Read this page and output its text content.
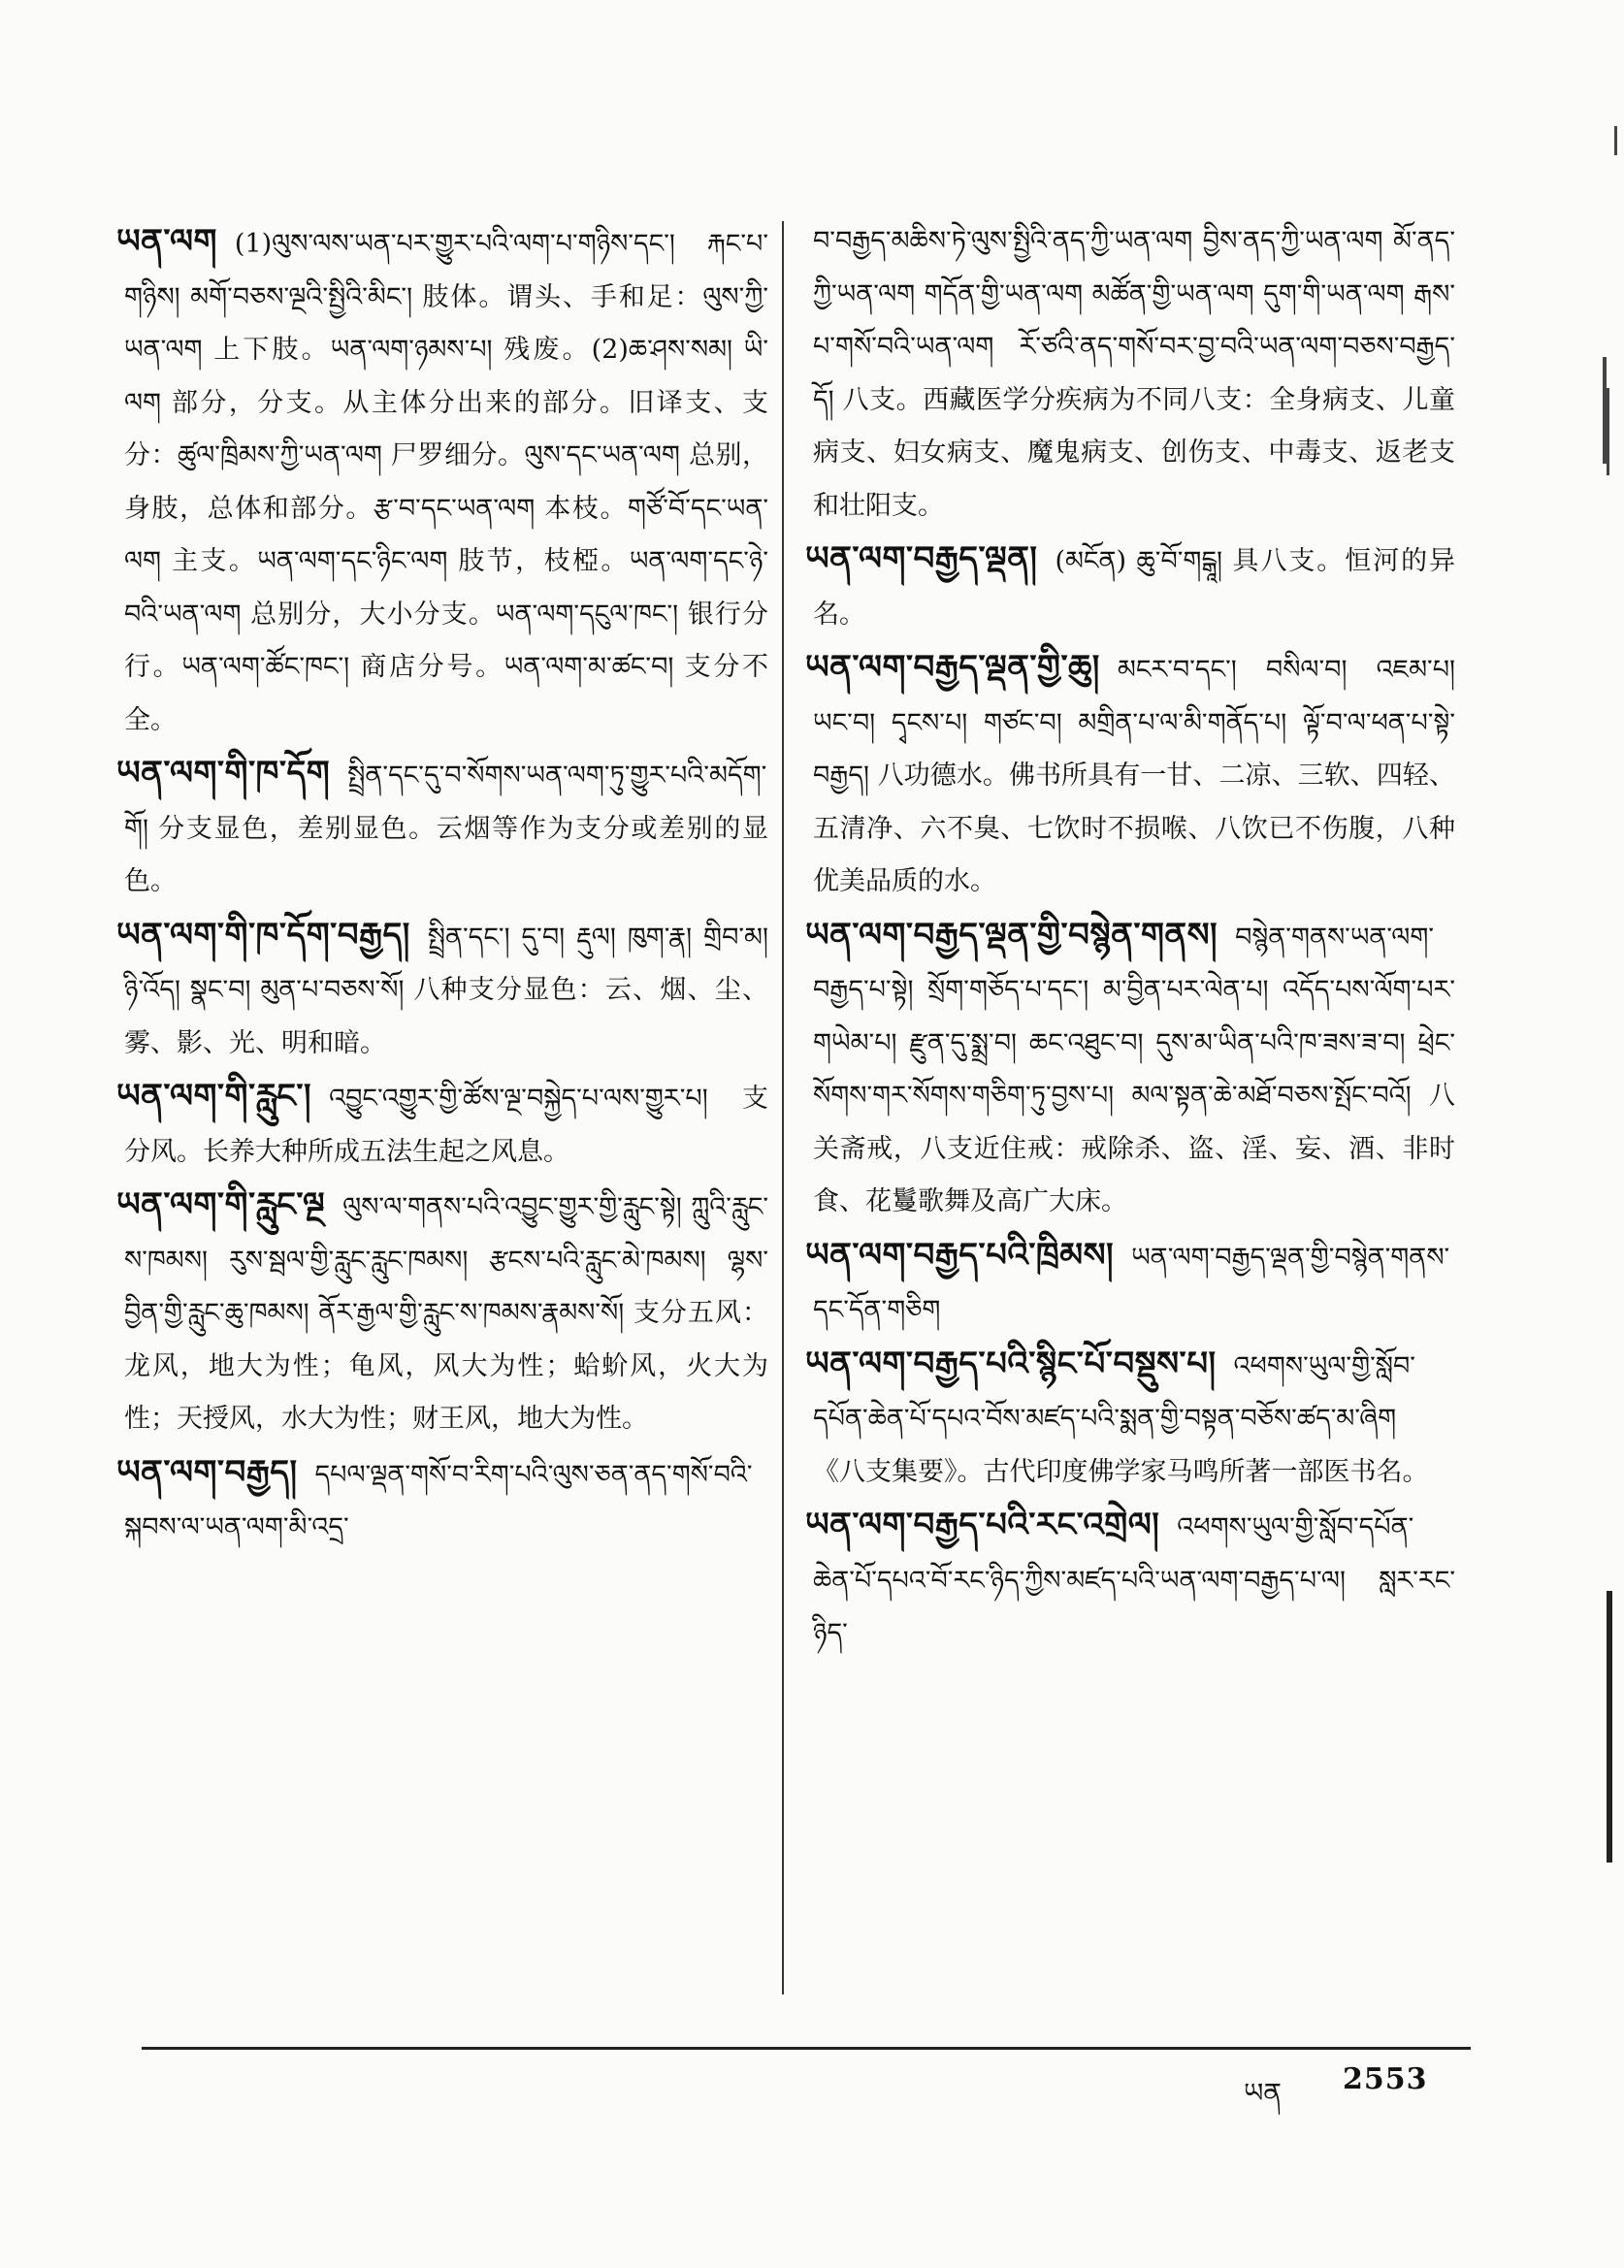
ཡན་ལག (1)ལུས་ལས་ཡན་པར་གྱུར་པའི་ལག་པ་གཉིས་དང་། རྐང་པ་གཉིས། མགོ་བཅས་ལྔའི་སྤྱིའི་མིང་། 肢体。谓头、手和足：ལུས་ཀྱི་ཡན་ལག 上下肢。ཡན་ལག་ཉམས་པ། 残废。(2)ཆ་ཤས་སམ། ཡི་ལག 部分，分支。从主体分出来的部分。旧译支、支分：ཚུལ་ཁྲིམས་ཀྱི་ཡན་ལག 尸罗细分。ལུས་དང་ཡན་ལག 总别，身肢，总体和部分。རྩ་བ་དང་ཡན་ལག 本枝。གཙོ་བོ་དང་ཡན་ལག 主支。ཡན་ལག་དང་ཉིང་ལག 肢节，枝椏。ཡན་ལག་དང་ཉེ་བའི་ཡན་ལག 总别分，大小分支。ཡན་ལག་དངུལ་ཁང་། 银行分行。ཡན་ལག་ཚོང་ཁང་། 商店分号。ཡན་ལག་མ་ཚང་བ། 支分不全。

ཡན་ལག་གི་ཁ་དོག སྤྲིན་དང་དུ་བ་སོགས་ཡན་ལག་ཏུ་གྱུར་པའི་མདོག་གོ། 分支显色，差别显色。云烟等作为支分或差别的显色。

ཡན་ལག་གི་ཁ་དོག་བརྒྱད། སྤྲིན་དང་། དུ་བ། རྡུལ། ཁུག་རྣ། གྲིབ་མ། ཉི་འོད། སྣང་བ། མུན་པ་བཅས་སོ། 八种支分显色：云、烟、尘、雾、影、光、明和暗。

ཡན་ལག་གི་རླུང་། འབྱུང་འགྱུར་གྱི་ཚོས་ལྔ་བསྐྱེད་པ་ལས་གྱུར་པ། 支分风。长养大种所成五法生起之风息。

ཡན་ལག་གི་རླུང་ལྔ ལུས་ལ་གནས་པའི་འབྱུང་གྱུར་གྱི་རླུང་སྟེ། ཀླུའི་རླུང་ས་ཁམས། རུས་སྦལ་གྱི་རླུང་རླུང་ཁམས། རྩངས་པའི་རླུང་མེ་ཁམས། ལྷས་བྱིན་གྱི་རླུང་ཆུ་ཁམས། ནོར་རྒྱལ་གྱི་རླུང་ས་ཁམས་རྣམས་སོ། 支分五风：龙风，地大为性；龟风，风大为性；蛤蚧风，火大为性；天授风，水大为性；财王风，地大为性。

ཡན་ལག་བརྒྱད། དཔལ་ལྡན་གསོ་བ་རིག་པའི་ལུས་ཅན་ནད་གསོ་བའི་སྐབས་ལ་ཡན་ལག་མི་འདྲ་

བ་བརྒྱད་མཆིས་ཏེ་ལུས་སྤྱིའི་ནད་ཀྱི་ཡན་ལག བྱིས་ནད་ཀྱི་ཡན་ལག མོ་ནད་ཀྱི་ཡན་ལག གདོན་གྱི་ཡན་ལག མཚོན་གྱི་ཡན་ལག དུག་གི་ཡན་ལག རྒས་པ་གསོ་བའི་ཡན་ལག རོ་ཙའི་ནད་གསོ་བར་བྱ་བའི་ཡན་ལག་བཅས་བརྒྱད་དོ། 八支。西藏医学分疾病为不同八支：全身病支、儿童病支、妇女病支、魔鬼病支、创伤支、中毒支、返老支和壮阳支。

ཡན་ལག་བརྒྱད་ལྡན། (མངོན) ཆུ་བོ་གངྒཱ། 具八支。恒河的异名。

ཡན་ལག་བརྒྱད་ལྡན་གྱི་ཆུ། མངར་བ་དང་། བསིལ་བ། འཇམ་པ། ཡང་བ། དྭངས་པ། གཙང་བ། མགྲིན་པ་ལ་མི་གནོད་པ། ལྟོ་བ་ལ་ཕན་པ་སྟེ་བརྒྱད། 八功德水。佛书所具有一甘、二凉、三软、四轻、五清净、六不臭、七饮时不损喉、八饮已不伤腹，八种优美品质的水。

ཡན་ལག་བརྒྱད་ལྡན་གྱི་བསྙེན་གནས། བསྙེན་གནས་ཡན་ལག་བརྒྱད་པ་སྟེ། སྲོག་གཅོད་པ་དང་། མ་བྱིན་པར་ལེན་པ། འདོད་པས་ལོག་པར་གཡེམ་པ། རྫུན་དུ་སྨྲ་བ། ཆང་འཐུང་བ། དུས་མ་ཡིན་པའི་ཁ་ཟས་ཟ་བ། ཕྲེང་སོགས་གར་སོགས་གཅིག་ཏུ་བྱས་པ། མལ་སྟན་ཆེ་མཐོ་བཅས་སྤོང་བའོ། 八关斋戒，八支近住戒：戒除杀、盗、淫、妄、酒、非时食、花鬘歌舞及高广大床。

ཡན་ལག་བརྒྱད་པའི་ཁྲིམས། ཡན་ལག་བརྒྱད་ལྡན་གྱི་བསྙེན་གནས་དང་དོན་གཅིག

ཡན་ལག་བརྒྱད་པའི་སྙིང་པོ་བསྡུས་པ། འཕགས་ཡུལ་གྱི་སློབ་དཔོན་ཆེན་པོ་དཔའ་བོས་མཛད་པའི་སྨན་གྱི་བསྟན་བཅོས་ཚད་མ་ཞིག 《八支集要》。古代印度佛学家马鸣所著一部医书名。

ཡན་ལག་བརྒྱད་པའི་རང་འགྲེལ། འཕགས་ཡུལ་གྱི་སློབ་དཔོན་ཆེན་པོ་དཔའ་བོ་རང་ཉིད་ཀྱིས་མཛད་པའི་ཡན་ལག་བརྒྱད་པ་ལ། སླར་རང་ཉིད་

ཡན 2553
